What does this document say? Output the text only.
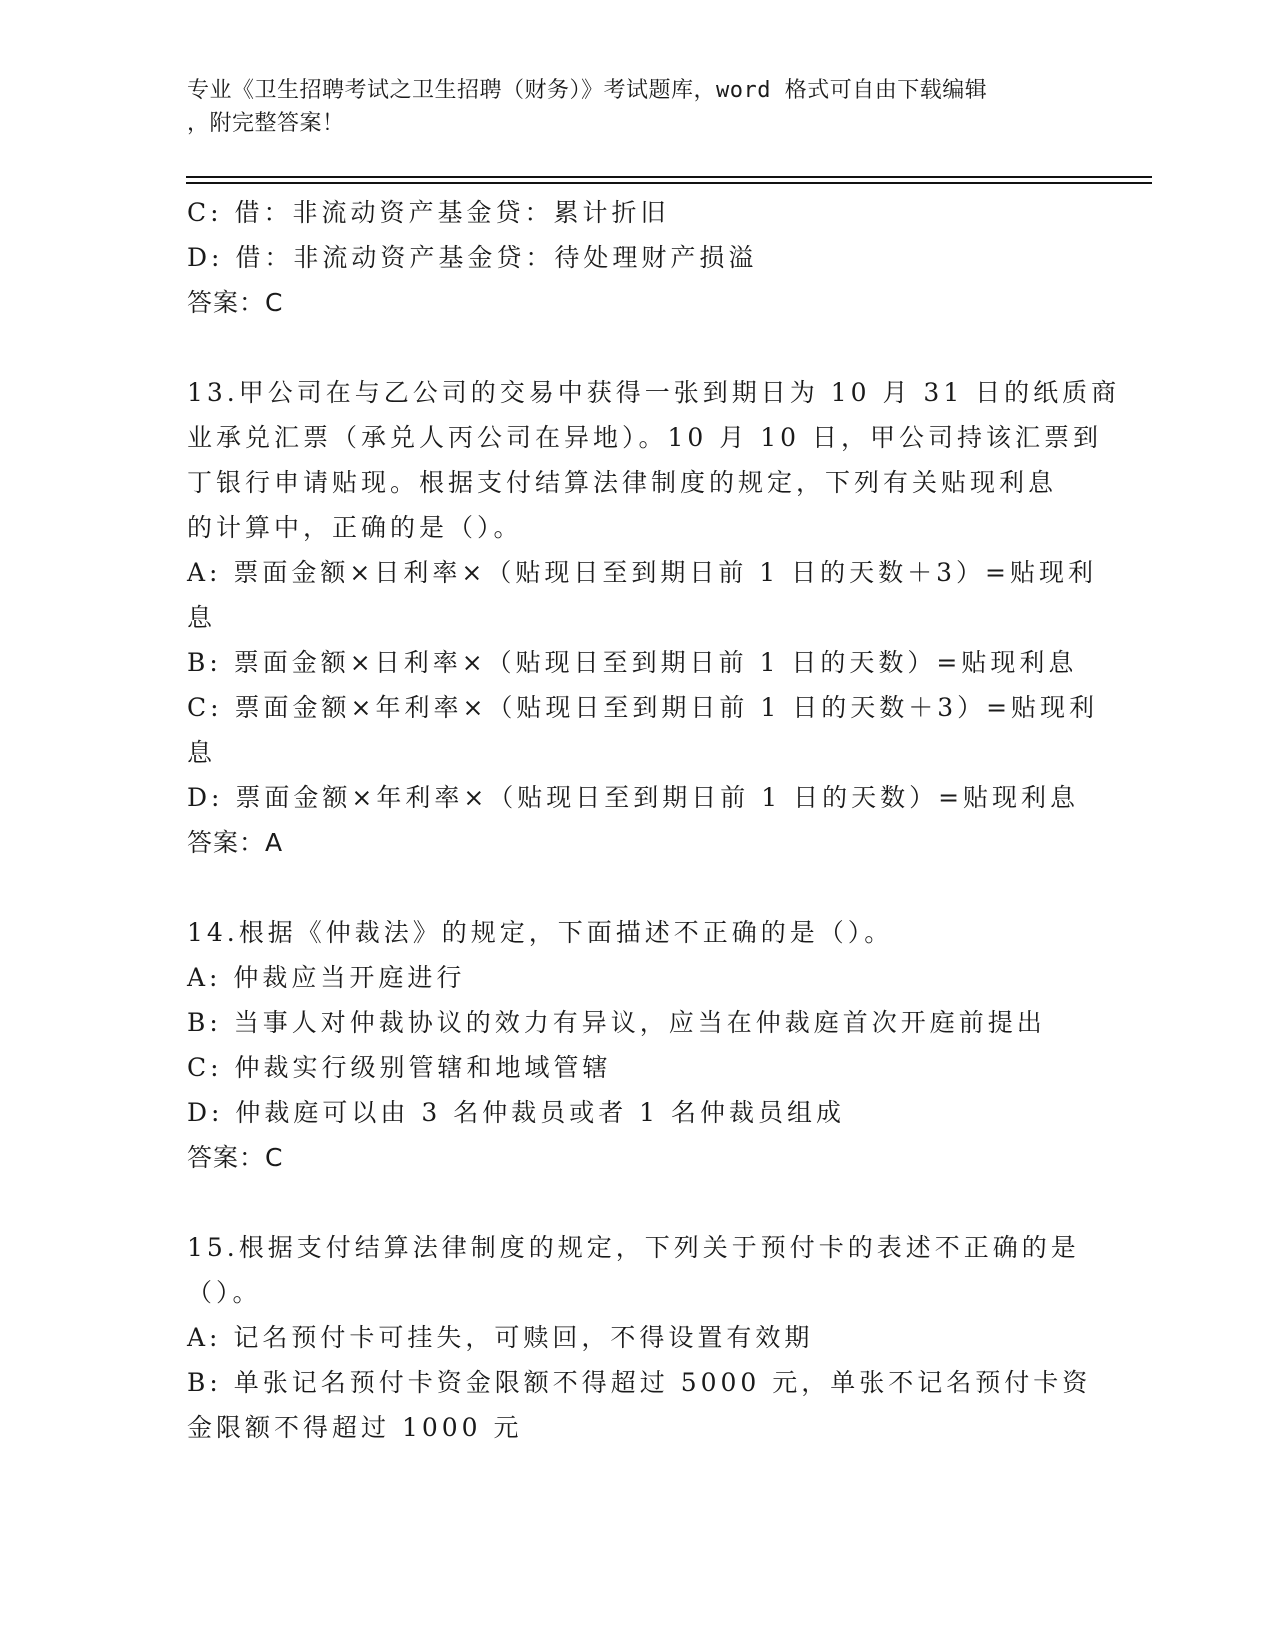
专业《卫生招聘考试之卫生招聘（财务）》考试题库，word 格式可自由下载编辑
，附完整答案！
C: 借：非流动资产基金贷：累计折旧
D: 借：非流动资产基金贷：待处理财产损溢
答案：C
13.甲公司在与乙公司的交易中获得一张到期日为 10 月 31 日的纸质商
业承兑汇票（承兑人丙公司在异地）。10 月 10 日，甲公司持该汇票到
丁银行申请贴现。根据支付结算法律制度的规定，下列有关贴现利息
的计算中，正确的是（）。
A: 票面金额×日利率×（贴现日至到期日前 1 日的天数＋3）=贴现利
息
B: 票面金额×日利率×（贴现日至到期日前 1 日的天数）=贴现利息
C: 票面金额×年利率×（贴现日至到期日前 1 日的天数＋3）=贴现利
息
D: 票面金额×年利率×（贴现日至到期日前 1 日的天数）=贴现利息
答案：A
14.根据《仲裁法》的规定，下面描述不正确的是（）。
A: 仲裁应当开庭进行
B: 当事人对仲裁协议的效力有异议，应当在仲裁庭首次开庭前提出
C: 仲裁实行级别管辖和地域管辖
D: 仲裁庭可以由 3 名仲裁员或者 1 名仲裁员组成
答案：C
15.根据支付结算法律制度的规定，下列关于预付卡的表述不正确的是
（）。
A: 记名预付卡可挂失，可赎回，不得设置有效期
B: 单张记名预付卡资金限额不得超过 5000 元，单张不记名预付卡资
金限额不得超过 1000 元
